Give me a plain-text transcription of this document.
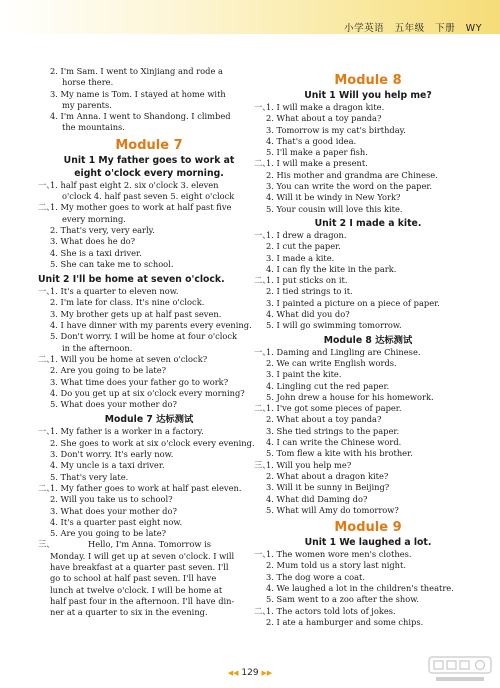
小学英语 五年级 下册 WY
2. I'm Sam. I went to Xinjiang and rode a
horse there.
3. My name is Tom. I stayed at home with
my parents.
4. I'm Anna. I went to Shandong. I climbed
the mountains.
Module 7
Unit 1 My father goes to work at
eight o'clock every morning.
一、1. half past eight 2. six o'clock 3. eleven
o'clock 4. half past seven 5. eight o'clock
二、1. My mother goes to work at half past five
every morning.
2. That's very, very early.
3. What does he do?
4. She is a taxi driver.
5. She can take me to school.
Unit 2 I'll be home at seven o'clock.
一、1. It's a quarter to eleven now.
2. I'm late for class. It's nine o'clock.
3. My brother gets up at half past seven.
4. I have dinner with my parents every evening.
5. Don't worry. I will be home at four o'clock
in the afternoon.
二、1. Will you be home at seven o'clock?
2. Are you going to be late?
3. What time does your father go to work?
4. Do you get up at six o'clock every morning?
5. What does your mother do?
Module 7 达标测试
一、1. My father is a worker in a factory.
2. She goes to work at six o'clock every evening.
3. Don't worry. It's early now.
4. My uncle is a taxi driver.
5. That's very late.
二、1. My father goes to work at half past eleven.
2. Will you take us to school?
3. What does your mother do?
4. It's a quarter past eight now.
5. Are you going to be late?
三、	Hello, I'm Anna. Tomorrow is
Monday. I will get up at seven o'clock. I will
have breakfast at a quarter past seven. I'll
go to school at half past seven. I'll have
lunch at twelve o'clock. I will be home at
half past four in the afternoon. I'll have din-
ner at a quarter to six in the evening.
Module 8
Unit 1 Will you help me?
一、1. I will make a dragon kite.
2. What about a toy panda?
3. Tomorrow is my cat's birthday.
4. That's a good idea.
5. I'll make a paper fish.
二、1. I will make a present.
2. His mother and grandma are Chinese.
3. You can write the word on the paper.
4. Will it be windy in New York?
5. Your cousin will love this kite.
Unit 2 I made a kite.
一、1. I drew a dragon.
2. I cut the paper.
3. I made a kite.
4. I can fly the kite in the park.
二、1. I put sticks on it.
2. I tied strings to it.
3. I painted a picture on a piece of paper.
4. What did you do?
5. I will go swimming tomorrow.
Module 8 达标测试
一、1. Daming and Lingling are Chinese.
2. We can write English words.
3. I paint the kite.
4. Lingling cut the red paper.
5. John drew a house for his homework.
二、1. I've got some pieces of paper.
2. What about a toy panda?
3. She tied strings to the paper.
4. I can write the Chinese word.
5. Tom flew a kite with his brother.
三、1. Will you help me?
2. What about a dragon kite?
3. Will it be sunny in Beijing?
4. What did Daming do?
5. What will Amy do tomorrow?
Module 9
Unit 1 We laughed a lot.
一、1. The women wore men's clothes.
2. Mum told us a story last night.
3. The dog wore a coat.
4. We laughed a lot in the children's theatre.
5. Sam went to a zoo after the show.
二、1. The actors told lots of jokes.
2. I ate a hamburger and some chips.
◀◀ 129 ▶▶
